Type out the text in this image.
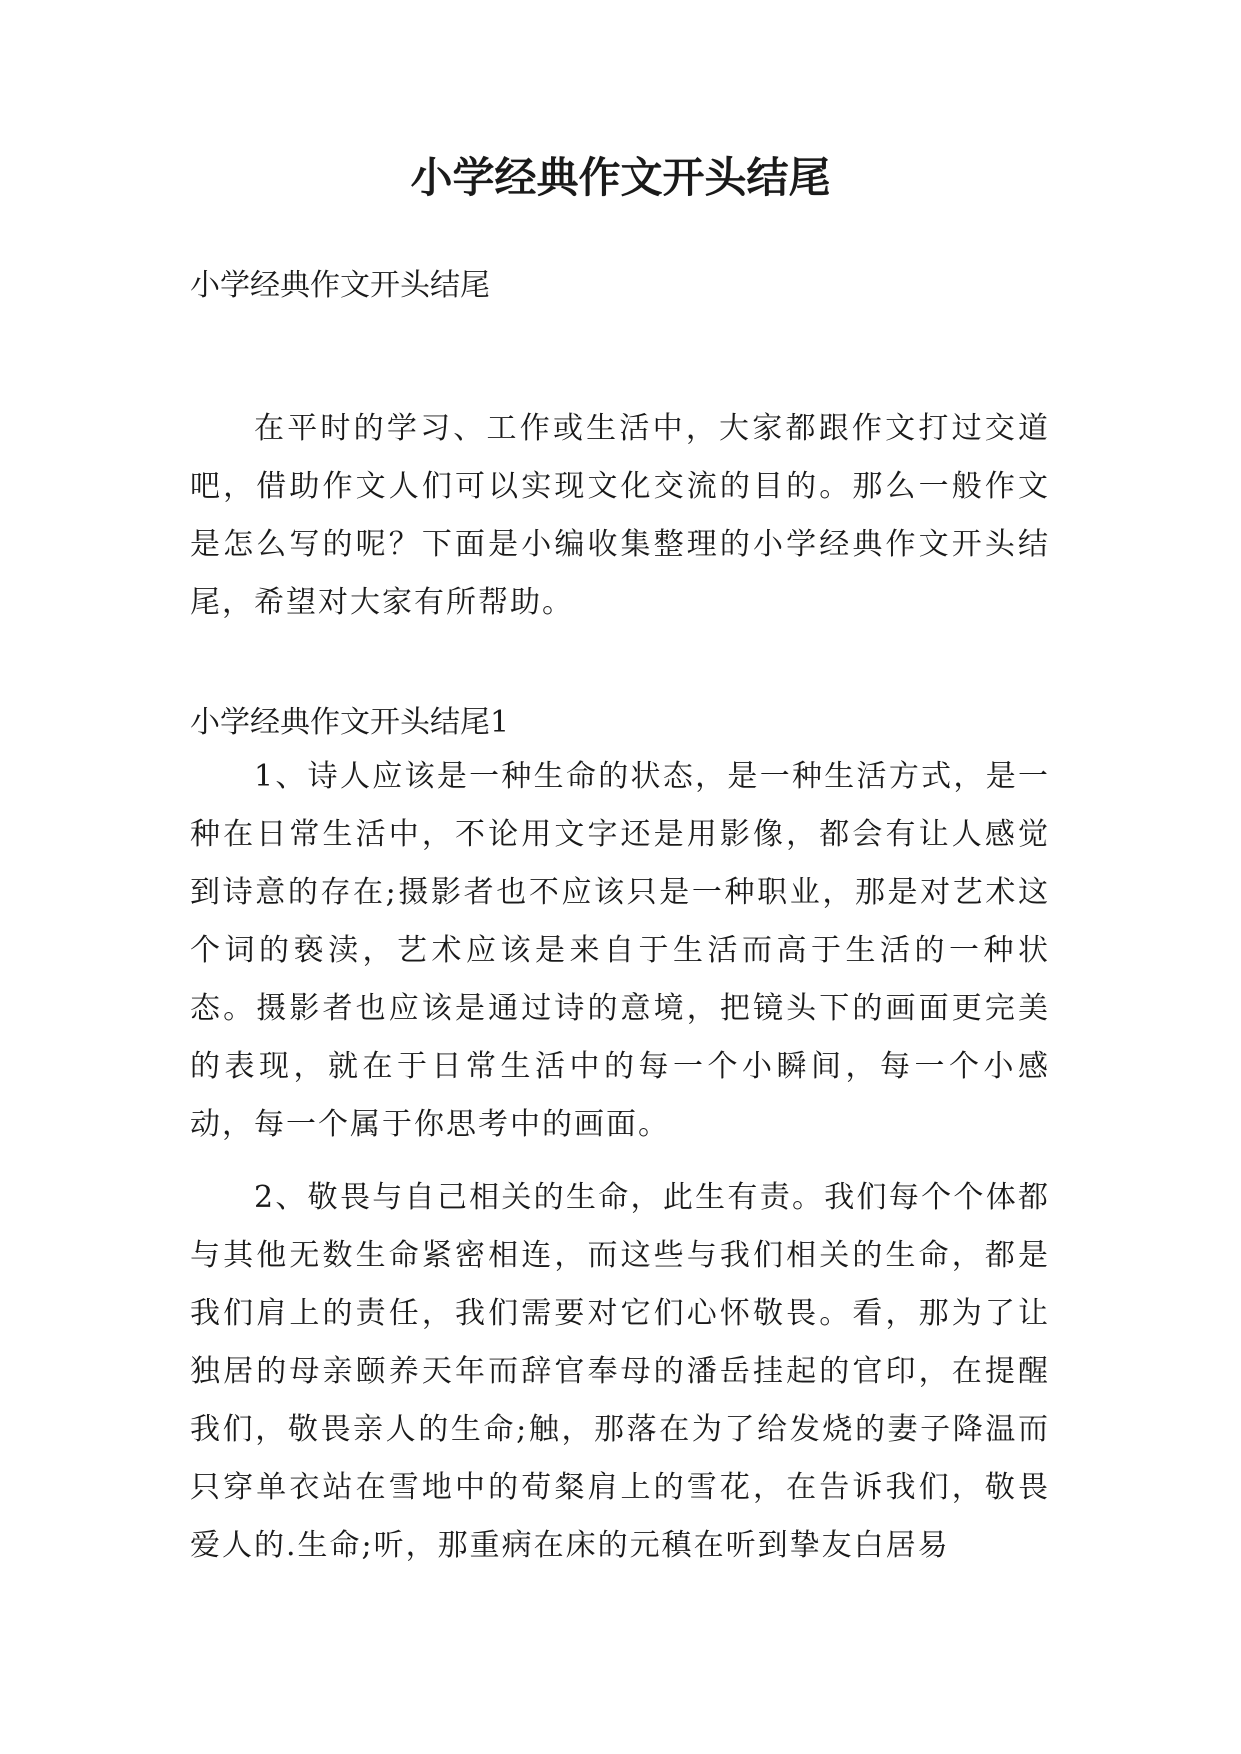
小学经典作文开头结尾

小学经典作文开头结尾

在平时的学习、工作或生活中，大家都跟作文打过交道吧，借助作文人们可以实现文化交流的目的。那么一般作文是怎么写的呢？下面是小编收集整理的小学经典作文开头结尾，希望对大家有所帮助。

小学经典作文开头结尾1

1、诗人应该是一种生命的状态，是一种生活方式，是一种在日常生活中，不论用文字还是用影像，都会有让人感觉到诗意的存在;摄影者也不应该只是一种职业，那是对艺术这个词的亵渎，艺术应该是来自于生活而高于生活的一种状态。摄影者也应该是通过诗的意境，把镜头下的画面更完美的表现，就在于日常生活中的每一个小瞬间，每一个小感动，每一个属于你思考中的画面。

2、敬畏与自己相关的生命，此生有责。我们每个个体都与其他无数生命紧密相连，而这些与我们相关的生命，都是我们肩上的责任，我们需要对它们心怀敬畏。看，那为了让独居的母亲颐养天年而辞官奉母的潘岳挂起的官印，在提醒我们，敬畏亲人的生命;触，那落在为了给发烧的妻子降温而只穿单衣站在雪地中的荀粲肩上的雪花，在告诉我们，敬畏爱人的.生命;听，那重病在床的元稹在听到挚友白居易
